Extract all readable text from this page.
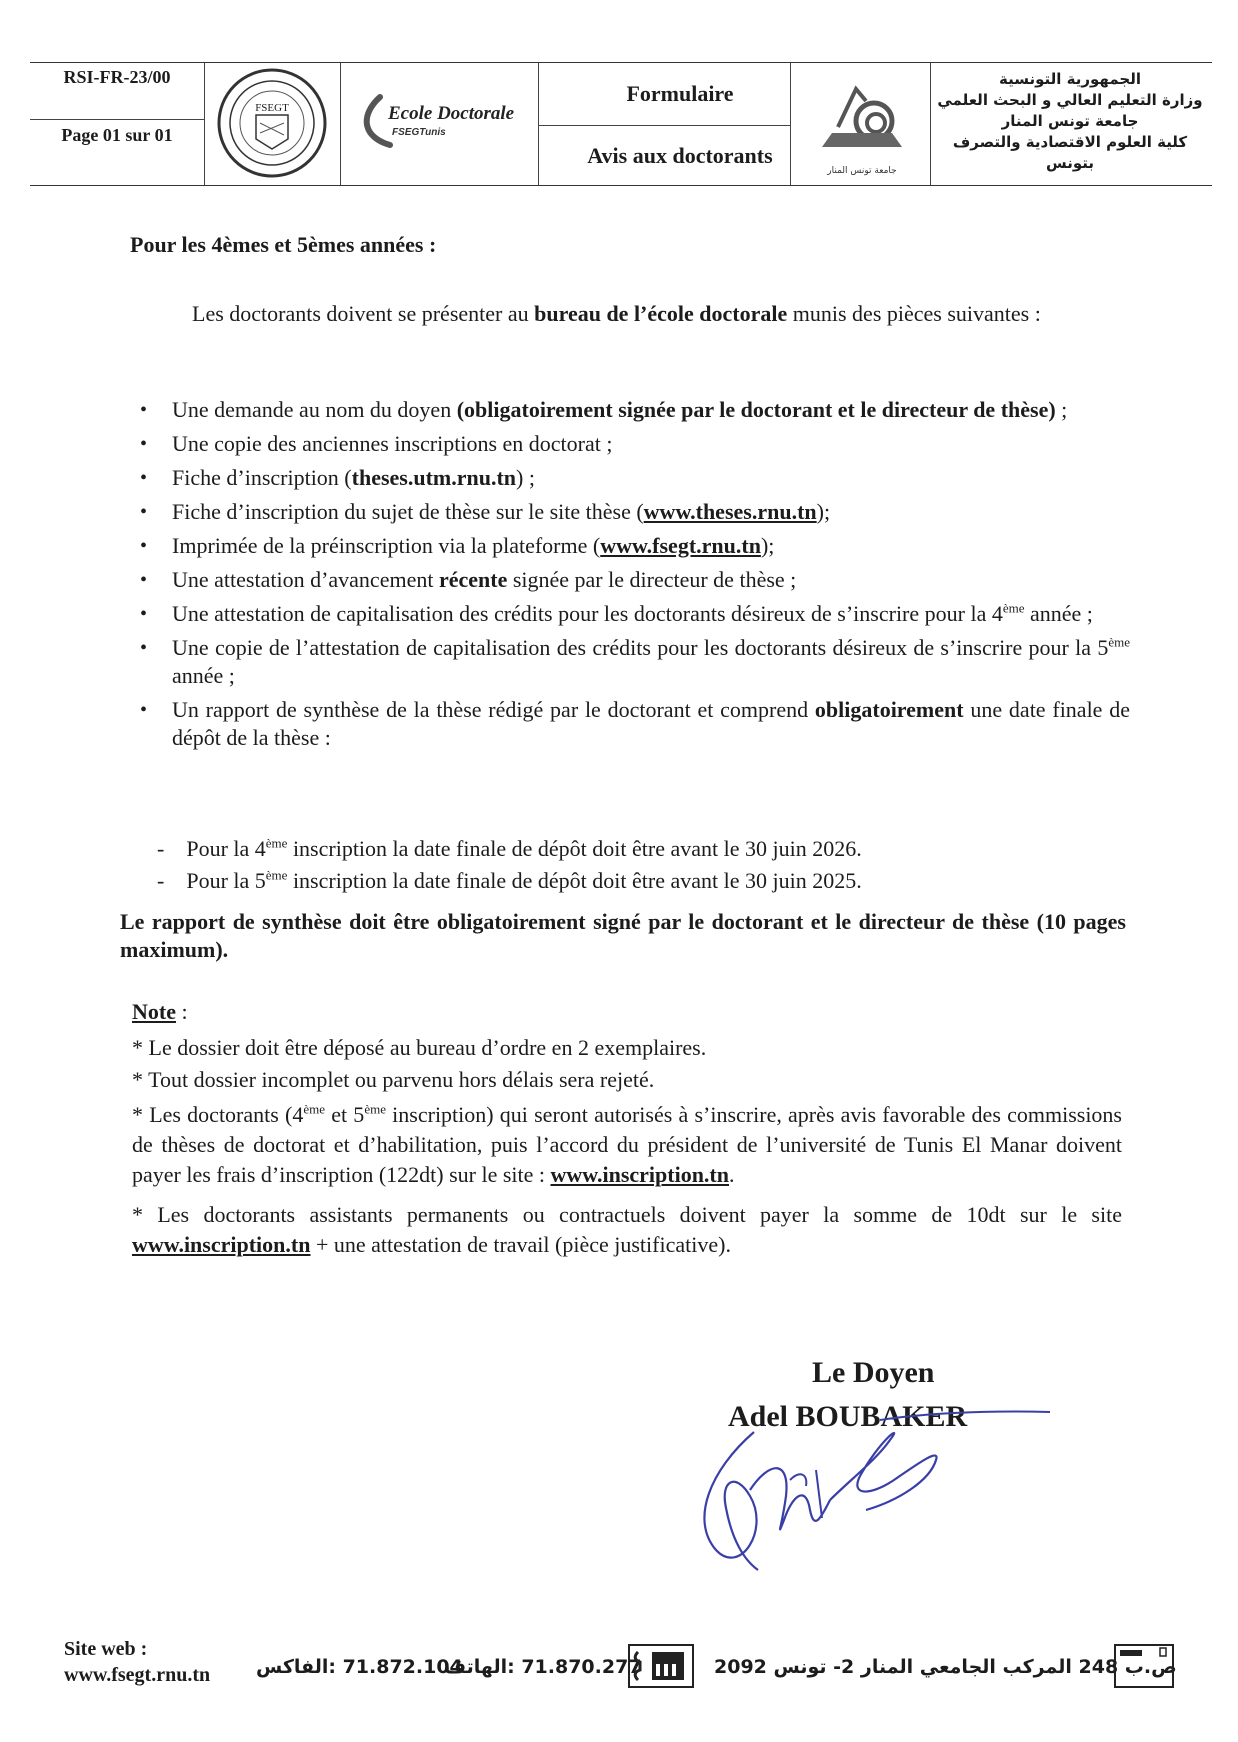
RSI-FR-23/00
Page 01 sur 01
FSEGT	Ecole Doctorale
FSEGTunis
Formulaire
Avis aux doctorants	U T M
جامعة تونس المنار
الجمهورية التونسية
وزارة التعليم العالي و البحث العلمي
جامعة تونس المنار
كلية العلوم الاقتصادية والتصرف بتونس
Pour les 4èmes et 5èmes années :
Les doctorants doivent se présenter au bureau de l’école doctorale munis des pièces suivantes :
• Une demande au nom du doyen (obligatoirement signée par le doctorant et le directeur de thèse) ;
• Une copie des anciennes inscriptions en doctorat ;
• Fiche d’inscription (theses.utm.rnu.tn) ;
• Fiche d’inscription du sujet de thèse sur le site thèse (www.theses.rnu.tn);
• Imprimée de la préinscription via la plateforme (www.fsegt.rnu.tn);
• Une attestation d’avancement récente signée par le directeur de thèse ;
• Une attestation de capitalisation des crédits pour les doctorants désireux de s’inscrire pour la 4ème année ;
• Une copie de l’attestation de capitalisation des crédits pour les doctorants désireux de s’inscrire pour la 5ème année ;
• Un rapport de synthèse de la thèse rédigé par le doctorant et comprend obligatoirement une date finale de dépôt de la thèse :
-    Pour la 4ème inscription la date finale de dépôt doit être avant le 30 juin 2026.
-    Pour la 5ème inscription la date finale de dépôt doit être avant le 30 juin 2025.
Le rapport de synthèse doit être obligatoirement signé par le doctorant et le directeur de thèse (10 pages maximum).
Note :
* Le dossier doit être déposé au bureau d’ordre en 2 exemplaires.
* Tout dossier incomplet ou parvenu hors délais sera rejeté.
* Les doctorants (4ème et 5ème inscription) qui seront autorisés à s’inscrire, après avis favorable des commissions de thèses de doctorat et d’habilitation, puis l’accord du président de l’université de Tunis El Manar doivent payer les frais d’inscription (122dt) sur le site : www.inscription.tn.
* Les doctorants assistants permanents ou contractuels doivent payer la somme de 10dt sur le site www.inscription.tn + une attestation de travail (pièce justificative).
Le Doyen
Adel BOUBAKER
Site web :
www.fsegt.rnu.tn 71.872.104 :الفاكس
71.870.277 :الهاتف	ص.ب 248 المركب الجامعي المنار 2- تونس 2092
